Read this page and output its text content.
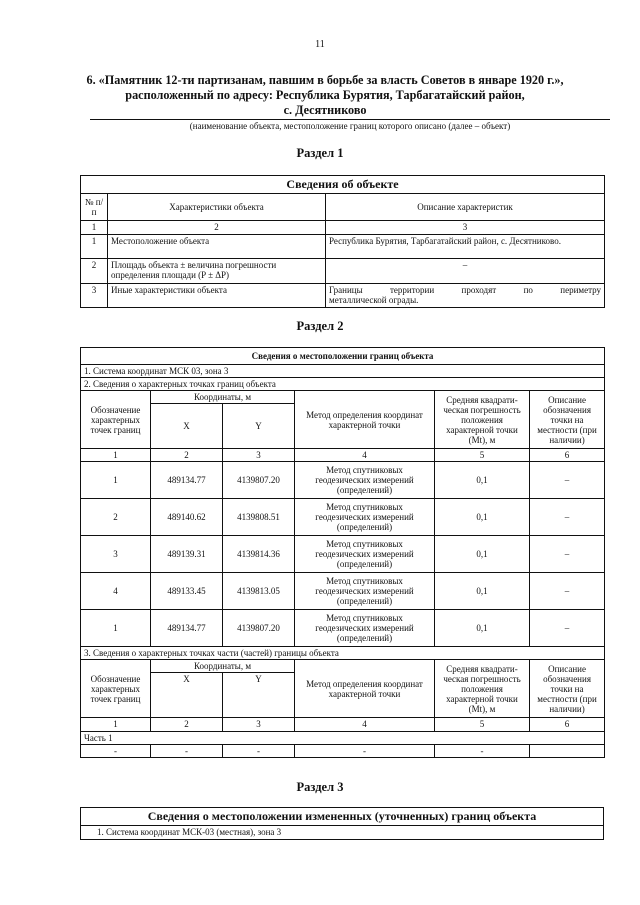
11
6. «Памятник 12-ти партизанам, павшим в борьбе за власть Советов в январе 1920 г.», расположенный по адресу: Республика Бурятия, Тарбагатайский район,

с. Десятниково
(наименование объекта, местоположение границ которого описано (далее – объект)
Раздел 1
Сведения об объекте		
№ п/п	Характеристики объекта	Описание характеристик
1	2	3
1	Местоположение объекта	Республика Бурятия, Тарбагатайский район, с. Десятниково.
2	Площадь объекта ± величина погрешности определения площади (P ± ΔP)	–
3	Иные характеристики объекта	Границы территории проходят по периметру
металлической ограды.
Раздел 2
Сведения о местоположении границ объекта					
1. Система координат МСК 03, зона 3					
2. Сведения о характерных точках границ объекта					
Обозначение характерных точек границ	Координаты, м		Метод определения координат характерной точки	Средняя квадрати-ческая погрешность положения характерной точки (Mt), м	Описание обозначения точки на местности (при наличии)
	X	Y			
1	2	3	4	5	6
1	489134.77	4139807.20	Метод спутниковых геодезических измерений (определений)	0,1	–
2	489140.62	4139808.51	Метод спутниковых геодезических измерений (определений)	0,1	–
3	489139.31	4139814.36	Метод спутниковых геодезических измерений (определений)	0,1	–
4	489133.45	4139813.05	Метод спутниковых геодезических измерений (определений)	0,1	–
1	489134.77	4139807.20	Метод спутниковых геодезических измерений (определений)	0,1	–
3. Сведения о характерных точках части (частей) границы объекта					
Обозначение характерных точек границ	Координаты, м		Метод определения координат характерной точки	Средняя квадрати-ческая погрешность положения характерной точки (Mt), м	Описание обозначения точки на местности (при наличии)
	X	Y			
1	2	3	4	5	6
Часть 1					
-	-	-	-	-	
Раздел 3
Сведения о местоположении измененных (уточненных) границ объекта
1. Система координат МСК-03 (местная), зона 3
